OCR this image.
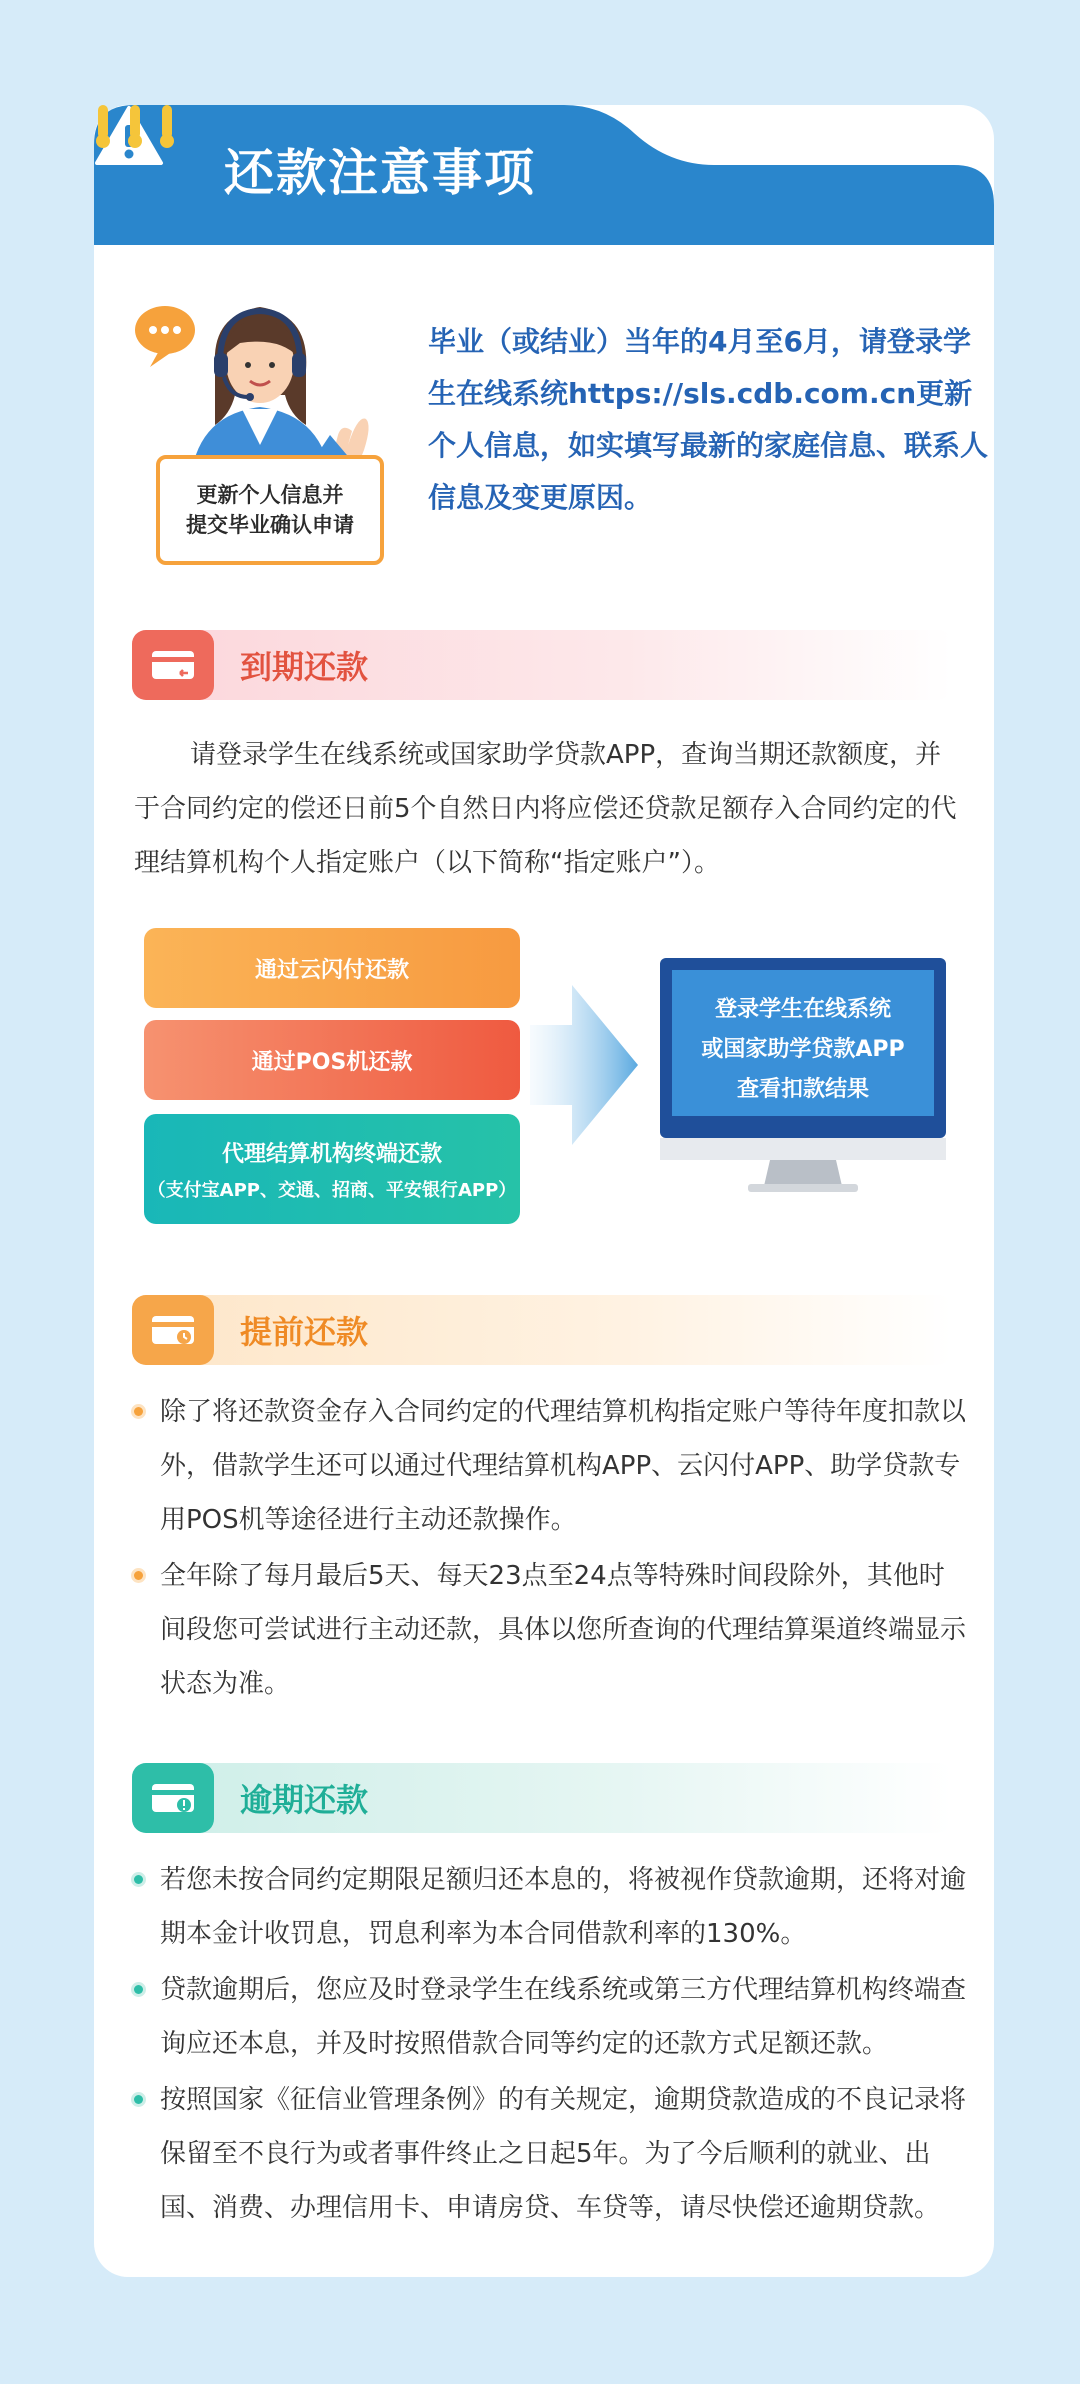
还款注意事项
更新个人信息并
提交毕业确认申请
毕业（或结业）当年的4月至6月，请登录学生在线系统https://sls.cdb.com.cn更新个人信息，如实填写最新的家庭信息、联系人信息及变更原因。
到期还款
请登录学生在线系统或国家助学贷款APP，查询当期还款额度，并于合同约定的偿还日前5个自然日内将应偿还贷款足额存入合同约定的代理结算机构个人指定账户（以下简称“指定账户”）。
通过云闪付还款
通过POS机还款
代理结算机构终端还款
（支付宝APP、交通、招商、平安银行APP）
登录学生在线系统
或国家助学贷款APP
查看扣款结果
提前还款
除了将还款资金存入合同约定的代理结算机构指定账户等待年度扣款以外，借款学生还可以通过代理结算机构APP、云闪付APP、助学贷款专用POS机等途径进行主动还款操作。
全年除了每月最后5天、每天23点至24点等特殊时间段除外，其他时间段您可尝试进行主动还款，具体以您所查询的代理结算渠道终端显示状态为准。
逾期还款
若您未按合同约定期限足额归还本息的，将被视作贷款逾期，还将对逾期本金计收罚息，罚息利率为本合同借款利率的130%。
贷款逾期后，您应及时登录学生在线系统或第三方代理结算机构终端查询应还本息，并及时按照借款合同等约定的还款方式足额还款。
按照国家《征信业管理条例》的有关规定，逾期贷款造成的不良记录将保留至不良行为或者事件终止之日起5年。为了今后顺利的就业、出国、消费、办理信用卡、申请房贷、车贷等，请尽快偿还逾期贷款。
